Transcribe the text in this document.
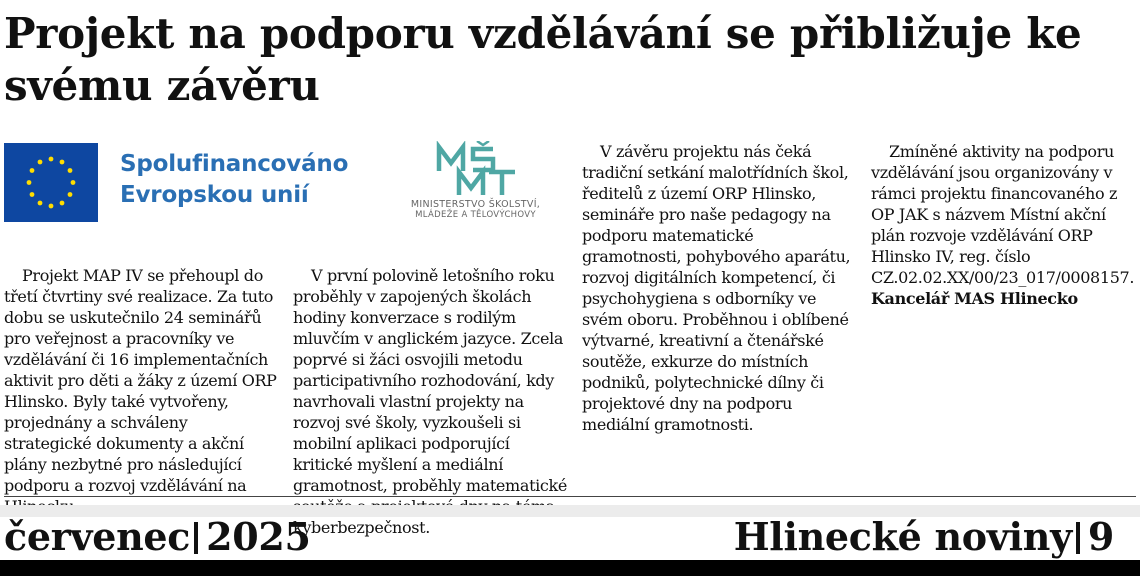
Projekt na podporu vzdělávání se přibližuje ke svému závěru
Spolufinancováno
Evropskou unií	MINISTERSTVO ŠKOLSTVÍ,
MLÁDEŽE A TĚLOVÝCHOVY

Projekt MAP IV se přehoupl do třetí čtvrtiny své realizace. Za tuto dobu se uskutečnilo 24 seminářů pro veřejnost a pracovníky ve vzdělávání či 16 implementačních aktivit pro děti a žáky z území ORP Hlinsko. Byly také vytvořeny, projednány a schváleny strategické dokumenty a akční plány nezbytné pro následující podporu a rozvoj vzdělávání na

V první polovině letošního roku proběhly v zapojených školách hodiny konverzace s rodilým mluvčím v anglickém jazyce. Zcela poprvé si žáci osvojili metodu participativního rozhodování, kdy navrhovali vlastní projekty na rozvoj své školy, vyzkoušeli si mobilní aplikaci podporující kritické myšlení a mediální gramotnost, proběhly matematické kyberbezpečnost.

V závěru projektu nás čeká tradiční setkání malotřídních škol, ředitelů z území ORP Hlinsko, semináře pro naše pedagogy na podporu matematické gramotnosti, pohybového aparátu, rozvoj digitálních kompetencí, či psychohygiena s odborníky ve svém oboru. Proběhnou i oblíbené výtvarné, kreativní a čtenářské soutěže, exkurze do místních podniků, polytechnické dílny či projektové dny na podporu mediální gramotnosti.

Zmíněné aktivity na podporu vzdělávání jsou organizovány v rámci projektu financovaného z OP JAK s názvem Místní akční plán rozvoje vzdělávání ORP Hlinsko IV, reg. číslo CZ.02.02.XX/00/23_017/0008157.

Kancelář MAS Hlinecko

červenec 2025	Hlinecké noviny 9
